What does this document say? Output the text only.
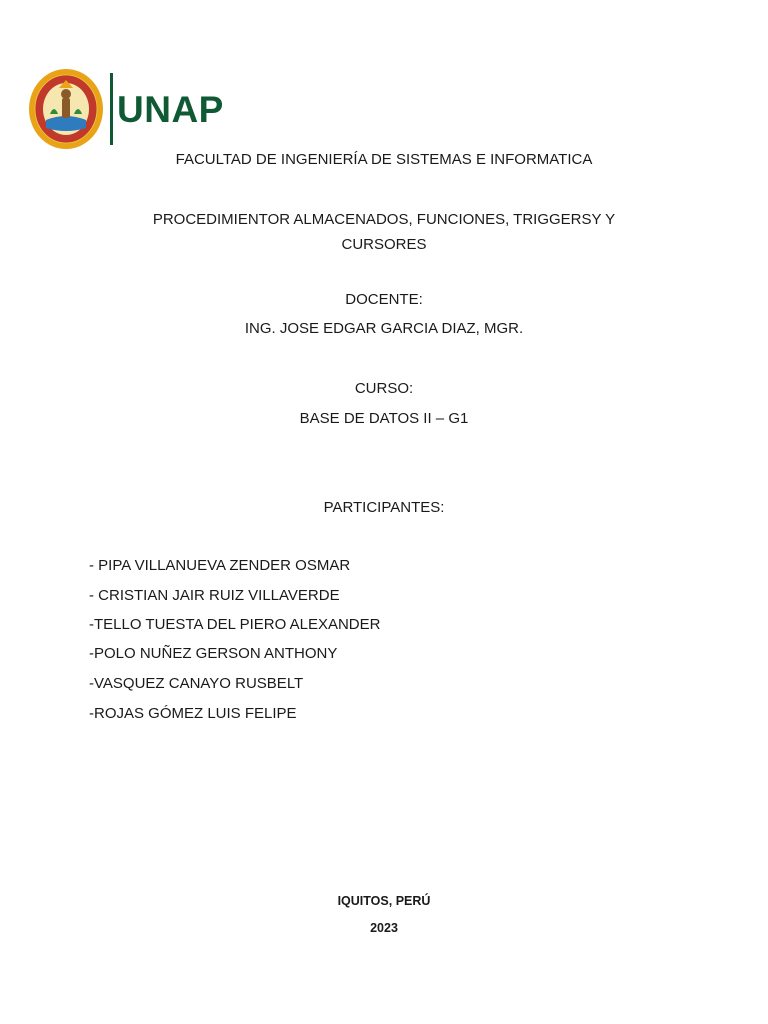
UNAP
FACULTAD DE INGENIERÍA DE SISTEMAS E INFORMATICA
PROCEDIMIENTOR ALMACENADOS, FUNCIONES, TRIGGERSY Y CURSORES
DOCENTE:
ING. JOSE EDGAR GARCIA DIAZ, MGR.
CURSO:
BASE DE DATOS II – G1
PARTICIPANTES:
- PIPA VILLANUEVA ZENDER OSMAR
- CRISTIAN JAIR RUIZ VILLAVERDE
-TELLO TUESTA DEL PIERO ALEXANDER
-POLO NUÑEZ GERSON ANTHONY
-VASQUEZ CANAYO RUSBELT
-ROJAS GÓMEZ LUIS FELIPE
IQUITOS, PERÚ
2023
